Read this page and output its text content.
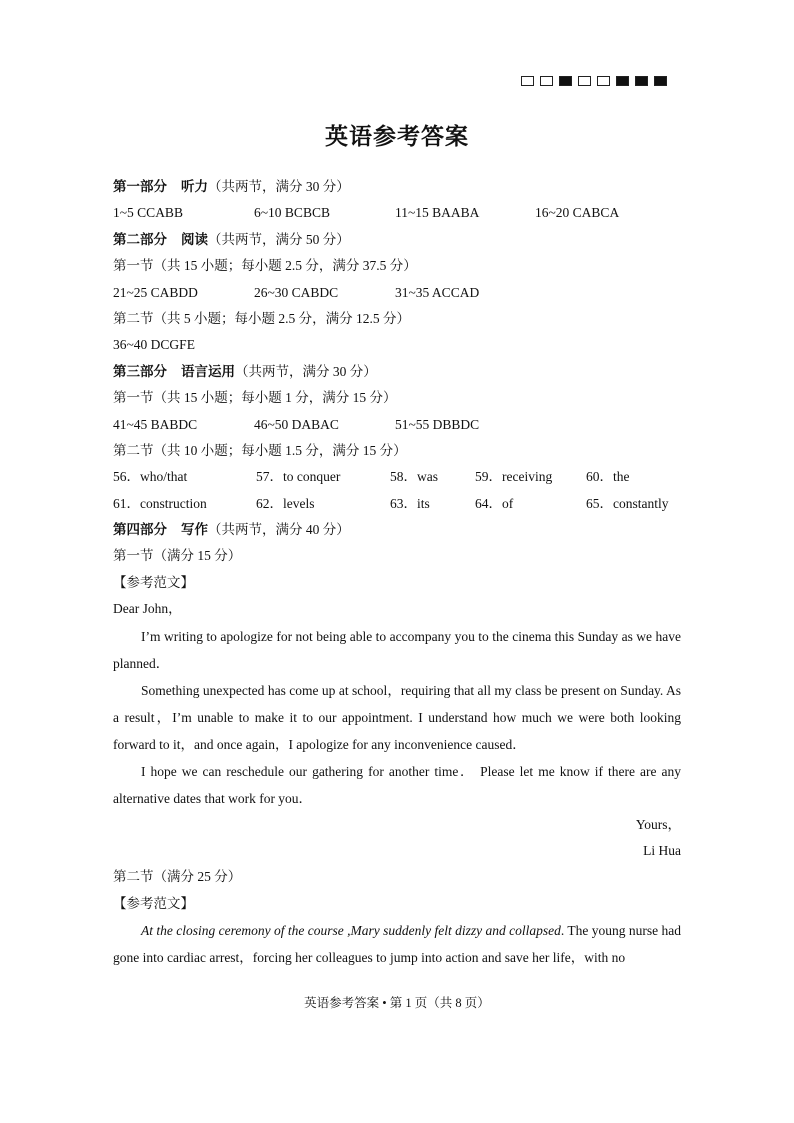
英语参考答案
第一部分 听力（共两节，满分 30 分）
1~5 CCABB	6~10 BCBCB	11~15 BAABA	16~20 CABCA
第二部分 阅读（共两节，满分 50 分）
第一节（共 15 小题；每小题 2.5 分，满分 37.5 分）
21~25 CABDD	26~30 CABDC	31~35 ACCAD
第二节（共 5 小题；每小题 2.5 分，满分 12.5 分）
36~40 DCGFE
第三部分 语言运用（共两节，满分 30 分）
第一节（共 15 小题；每小题 1 分，满分 15 分）
41~45 BABDC	46~50 DABAC	51~55 DBBDC
第二节（共 10 小题；每小题 1.5 分，满分 15 分）
56．who/that	57．to conquer	58．was	59．receiving	60．the
61．construction	62．levels	63．its	64．of	65．constantly
第四部分 写作（共两节，满分 40 分）
第一节（满分 15 分）
【参考范文】
Dear John，
I’m writing to apologize for not being able to accompany you to the cinema this Sunday as we have planned．
Something unexpected has come up at school，requiring that all my class be present on Sunday. As a result，I’m unable to make it to our appointment. I understand how much we were both looking forward to it，and once again，I apologize for any inconvenience caused．
I hope we can reschedule our gathering for another time． Please let me know if there are any alternative dates that work for you．
Yours，
Li Hua
第二节（满分 25 分）
【参考范文】
At the closing ceremony of the course ,Mary suddenly felt dizzy and collapsed. The young nurse had gone into cardiac arrest，forcing her colleagues to jump into action and save her life，with no
英语参考答案 • 第 1 页（共 8 页）
